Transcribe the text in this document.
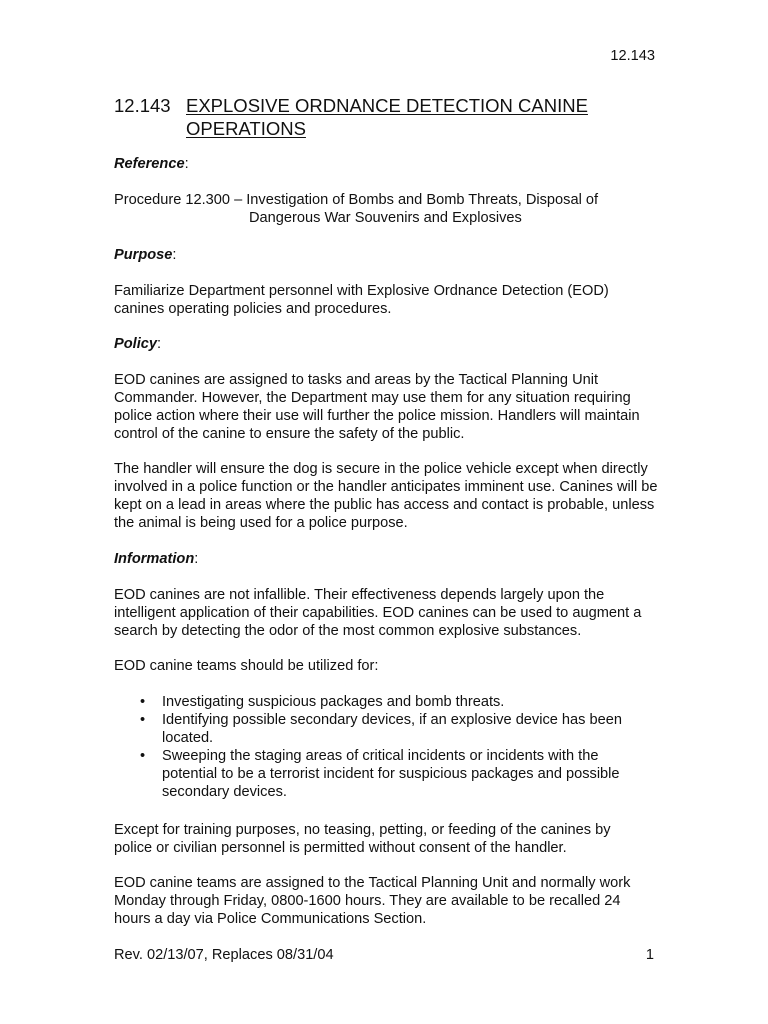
12.143
12.143 EXPLOSIVE ORDNANCE DETECTION CANINE OPERATIONS
Reference:
Procedure 12.300 – Investigation of Bombs and Bomb Threats, Disposal of
Dangerous War Souvenirs and Explosives
Purpose:
Familiarize Department personnel with Explosive Ordnance Detection (EOD) canines operating policies and procedures.
Policy:
EOD canines are assigned to tasks and areas by the Tactical Planning Unit Commander. However, the Department may use them for any situation requiring police action where their use will further the police mission. Handlers will maintain control of the canine to ensure the safety of the public.
The handler will ensure the dog is secure in the police vehicle except when directly involved in a police function or the handler anticipates imminent use. Canines will be kept on a lead in areas where the public has access and contact is probable, unless the animal is being used for a police purpose.
Information:
EOD canines are not infallible. Their effectiveness depends largely upon the intelligent application of their capabilities. EOD canines can be used to augment a search by detecting the odor of the most common explosive substances.
EOD canine teams should be utilized for:
• Investigating suspicious packages and bomb threats.
• Identifying possible secondary devices, if an explosive device has been located.
• Sweeping the staging areas of critical incidents or incidents with the potential to be a terrorist incident for suspicious packages and possible secondary devices.
Except for training purposes, no teasing, petting, or feeding of the canines by police or civilian personnel is permitted without consent of the handler.
EOD canine teams are assigned to the Tactical Planning Unit and normally work Monday through Friday, 0800-1600 hours. They are available to be recalled 24 hours a day via Police Communications Section.
Rev. 02/13/07, Replaces 08/31/04	1
